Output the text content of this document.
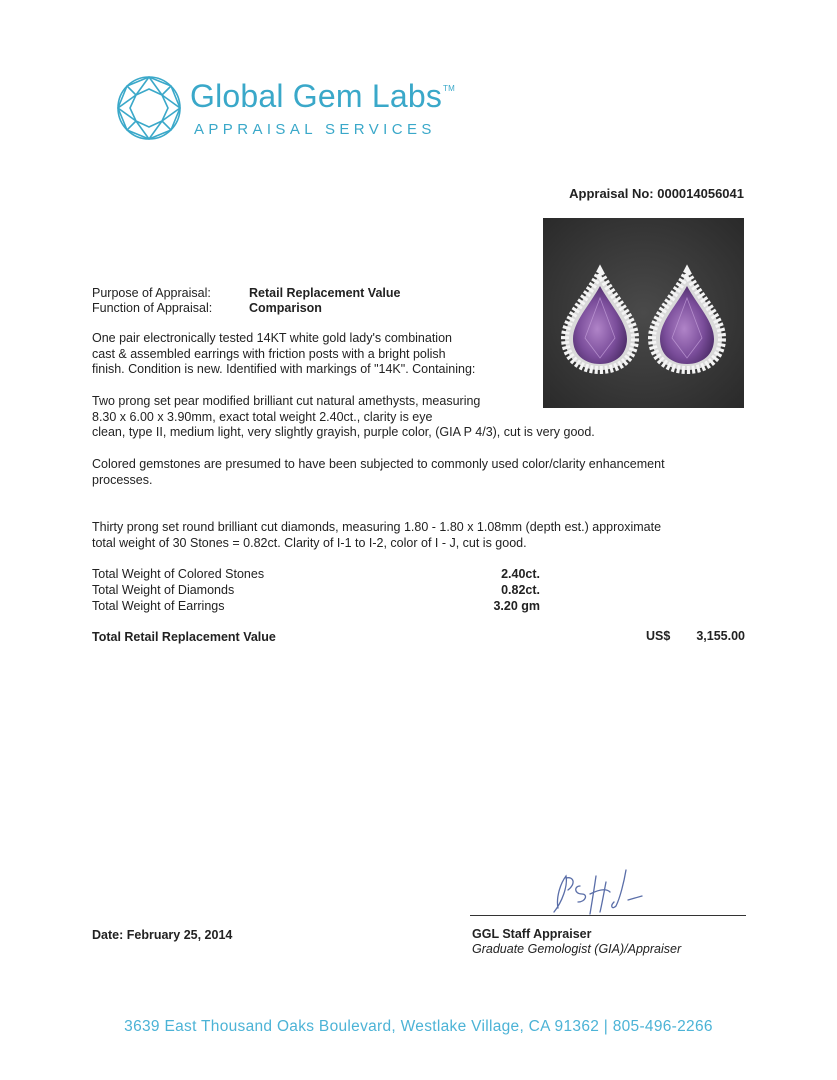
Global Gem Labs™
APPRAISAL SERVICES
Appraisal No: 000014056041
Purpose of Appraisal:	Retail Replacement Value
Function of Appraisal:	Comparison
One pair electronically tested 14KT white gold lady's combination
cast & assembled earrings with friction posts with a bright polish
finish. Condition is new. Identified with markings of "14K". Containing:
Two prong set pear modified brilliant cut natural amethysts, measuring
8.30 x 6.00 x 3.90mm, exact total weight 2.40ct., clarity is eye
clean, type II, medium light, very slightly grayish, purple color, (GIA P 4/3), cut is very good.
Colored gemstones are presumed to have been subjected to commonly used color/clarity enhancement
processes.
Thirty prong set round brilliant cut diamonds, measuring 1.80 - 1.80 x 1.08mm (depth est.) approximate
total weight of 30 Stones = 0.82ct. Clarity of I-1 to I-2, color of I - J, cut is good.
Total Weight of Colored Stones	2.40ct.
Total Weight of Diamonds	0.82ct.
Total Weight of Earrings	3.20 gm
Total Retail Replacement Value	US$ 3,155.00
Date: February 25, 2014	GGL Staff Appraiser
Graduate Gemologist (GIA)/Appraiser
3639 East Thousand Oaks Boulevard, Westlake Village, CA 91362 | 805-496-2266
